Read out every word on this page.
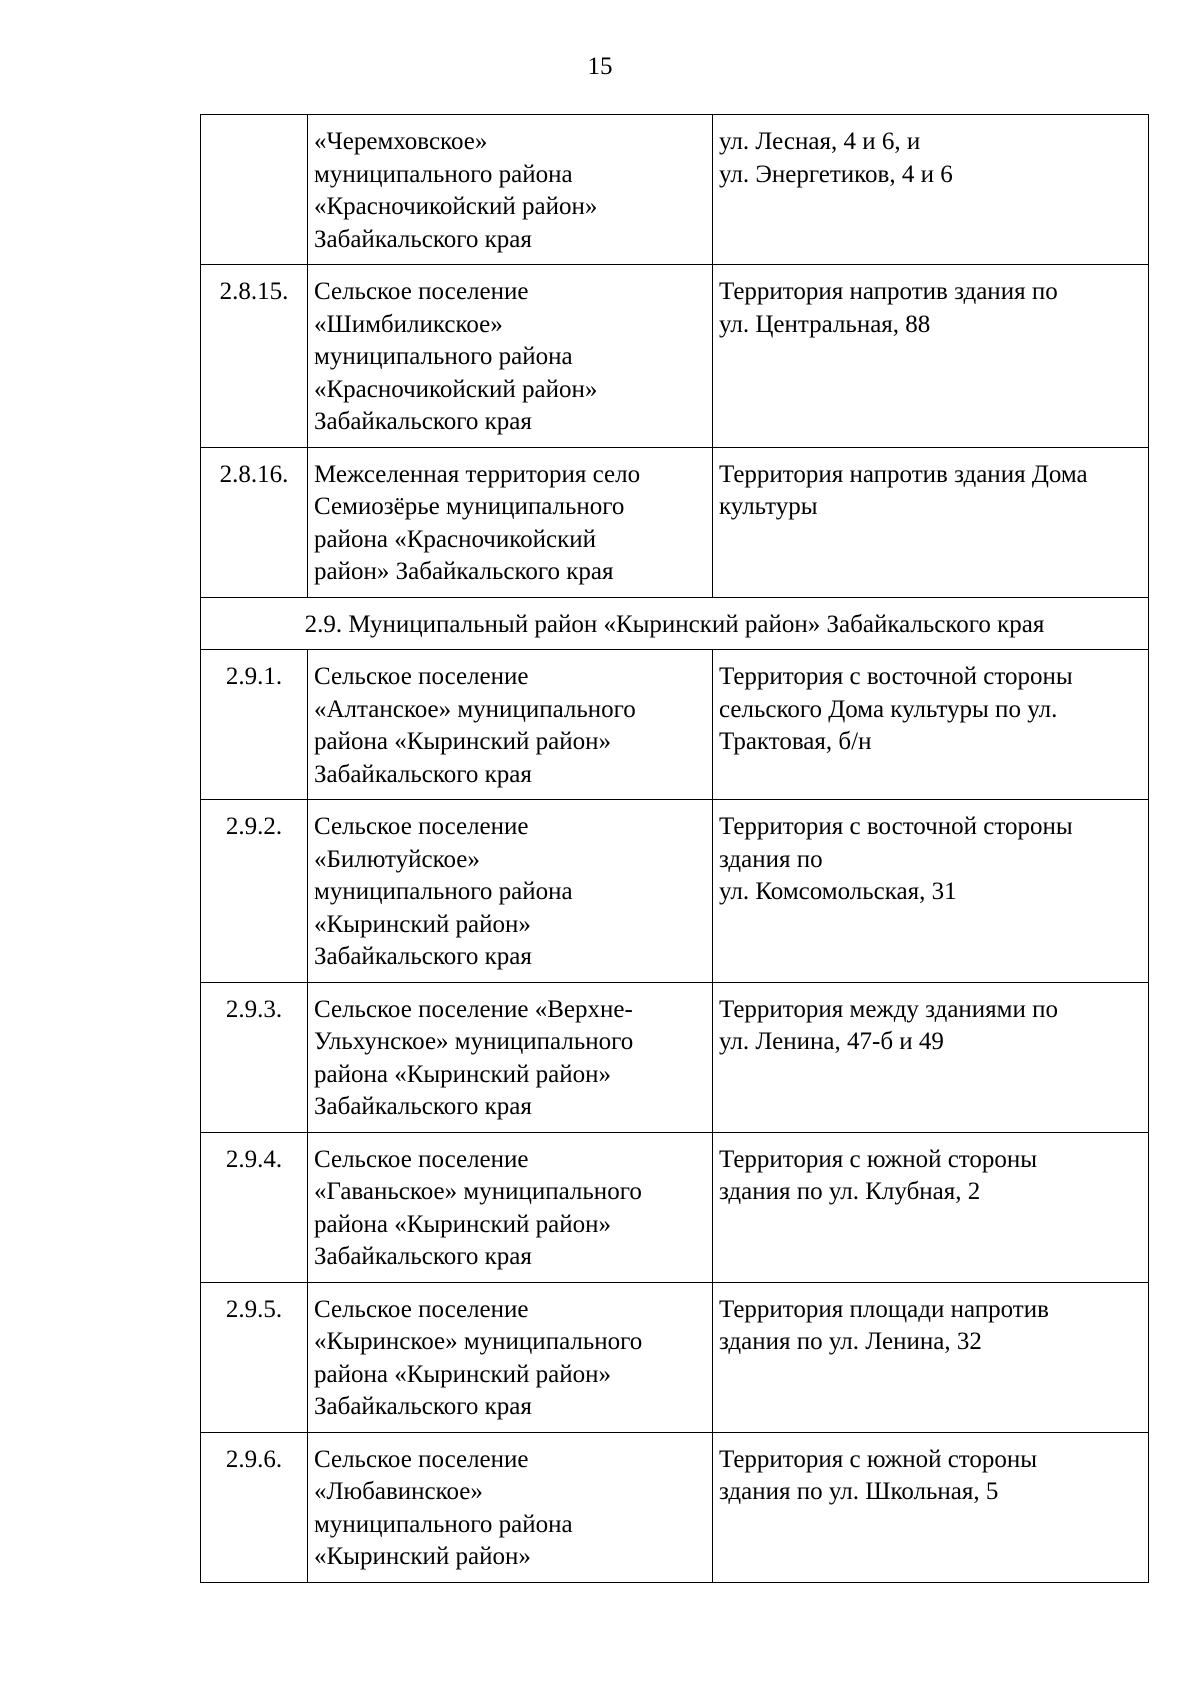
15
	«Черемховское»
муниципального района
«Красночикойский район»
Забайкальского края	ул. Лесная, 4 и 6, и
ул. Энергетиков, 4 и 6
2.8.15.	Сельское поселение
«Шимбиликское»
муниципального района
«Красночикойский район»
Забайкальского края	Территория напротив здания по
ул. Центральная, 88
2.8.16.	Межселенная территория село
Семиозёрье муниципального
района «Красночикойский
район» Забайкальского края	Территория напротив здания Дома
культуры
2.9. Муниципальный район «Кыринский район» Забайкальского края		
2.9.1.	Сельское поселение
«Алтанское» муниципального
района «Кыринский район»
Забайкальского края	Территория с восточной стороны
сельского Дома культуры по ул.
Трактовая, б/н
2.9.2.	Сельское поселение
«Билютуйское»
муниципального района
«Кыринский район»
Забайкальского края	Территория с восточной стороны
здания по
ул. Комсомольская, 31
2.9.3.	Сельское поселение «Верхне-
Ульхунское» муниципального
района «Кыринский район»
Забайкальского края	Территория между зданиями по
ул. Ленина, 47-б и 49
2.9.4.	Сельское поселение
«Гаваньское» муниципального
района «Кыринский район»
Забайкальского края	Территория с южной стороны
здания по ул. Клубная, 2
2.9.5.	Сельское поселение
«Кыринское» муниципального
района «Кыринский район»
Забайкальского края	Территория площади напротив
здания по ул. Ленина, 32
2.9.6.	Сельское поселение
«Любавинское»
муниципального района
«Кыринский район»	Территория с южной стороны
здания по ул. Школьная, 5
